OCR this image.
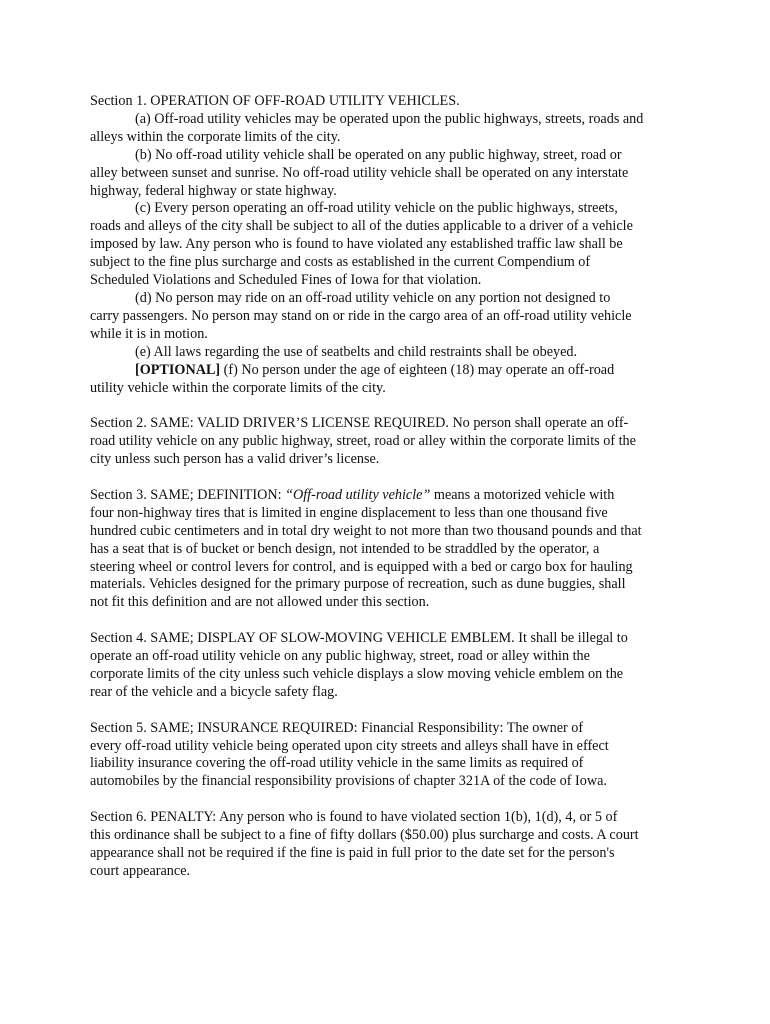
Section 1. OPERATION OF OFF-ROAD UTILITY VEHICLES.
(a) Off-road utility vehicles may be operated upon the public highways, streets, roads and
alleys within the corporate limits of the city.
(b) No off-road utility vehicle shall be operated on any public highway, street, road or
alley between sunset and sunrise. No off-road utility vehicle shall be operated on any interstate
highway, federal highway or state highway.
(c) Every person operating an off-road utility vehicle on the public highways, streets,
roads and alleys of the city shall be subject to all of the duties applicable to a driver of a vehicle
imposed by law. Any person who is found to have violated any established traffic law shall be
subject to the fine plus surcharge and costs as established in the current Compendium of
Scheduled Violations and Scheduled Fines of Iowa for that violation.
(d) No person may ride on an off-road utility vehicle on any portion not designed to
carry passengers. No person may stand on or ride in the cargo area of an off-road utility vehicle
while it is in motion.
(e) All laws regarding the use of seatbelts and child restraints shall be obeyed.
[OPTIONAL] (f) No person under the age of eighteen (18) may operate an off-road
utility vehicle within the corporate limits of the city.
Section 2. SAME: VALID DRIVER’S LICENSE REQUIRED. No person shall operate an off-
road utility vehicle on any public highway, street, road or alley within the corporate limits of the
city unless such person has a valid driver’s license.
Section 3. SAME; DEFINITION: “Off-road utility vehicle” means a motorized vehicle with
four non-highway tires that is limited in engine displacement to less than one thousand five
hundred cubic centimeters and in total dry weight to not more than two thousand pounds and that
has a seat that is of bucket or bench design, not intended to be straddled by the operator, a
steering wheel or control levers for control, and is equipped with a bed or cargo box for hauling
materials. Vehicles designed for the primary purpose of recreation, such as dune buggies, shall
not fit this definition and are not allowed under this section.
Section 4. SAME; DISPLAY OF SLOW-MOVING VEHICLE EMBLEM. It shall be illegal to
operate an off-road utility vehicle on any public highway, street, road or alley within the
corporate limits of the city unless such vehicle displays a slow moving vehicle emblem on the
rear of the vehicle and a bicycle safety flag.
Section 5. SAME; INSURANCE REQUIRED: Financial Responsibility: The owner of
every off-road utility vehicle being operated upon city streets and alleys shall have in effect
liability insurance covering the off-road utility vehicle in the same limits as required of
automobiles by the financial responsibility provisions of chapter 321A of the code of Iowa.
Section 6. PENALTY: Any person who is found to have violated section 1(b), 1(d), 4, or 5 of
this ordinance shall be subject to a fine of fifty dollars ($50.00) plus surcharge and costs. A court
appearance shall not be required if the fine is paid in full prior to the date set for the person's
court appearance.
